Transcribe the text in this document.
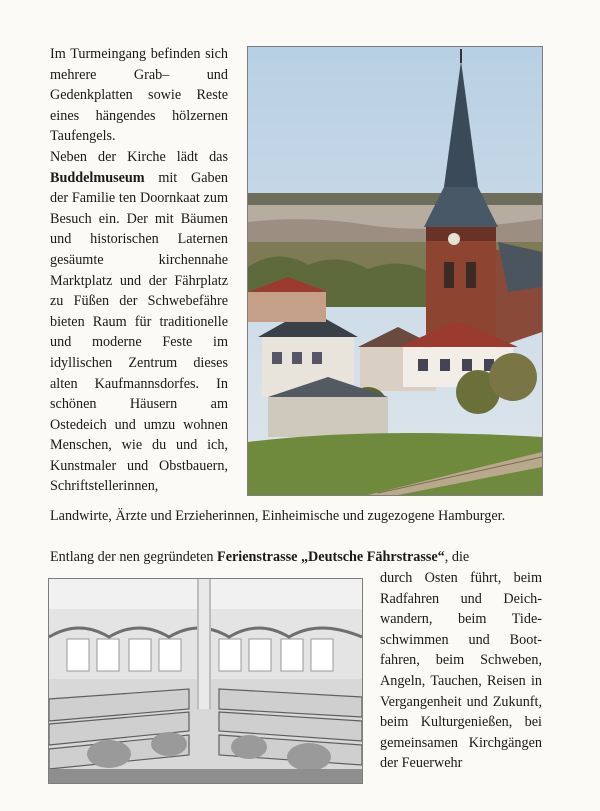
Im Turmeingang befinden sich mehrere Grab– und Gedenkplatten sowie Reste eines hängendes hölzernen Taufengels.

Neben der Kirche lädt das Buddelmuseum mit Gaben der Familie ten Doornkaat zum Besuch ein. Der mit Bäumen und historischen Laternen gesäumte kirchennahe Marktplatz und der Fährplatz zu Füßen der Schwebefähre bieten Raum für traditionelle und moderne Feste im idyllischen Zentrum dieses alten Kaufmannsdorfes. In schönen Häusern am Ostedeich und umzu wohnen Menschen, wie du und ich, Kunstmaler und Obstbauern, Schriftstellerinnen,

Landwirte, Ärzte und Erzieherinnen, Einheimische und zugezogene Hamburger.

Entlang der nen gegründeten Ferienstrasse „Deutsche Fährstrasse“, die

durch Osten führt, beim Radfahren und Deichwandern, beim Tideschwimmen und Bootfahren, beim Schweben, Angeln, Tauchen, Reisen in Vergangenheit und Zukunft, beim Kulturgenießen, bei gemeinsamen Kirchgängen der Feuerwehr
